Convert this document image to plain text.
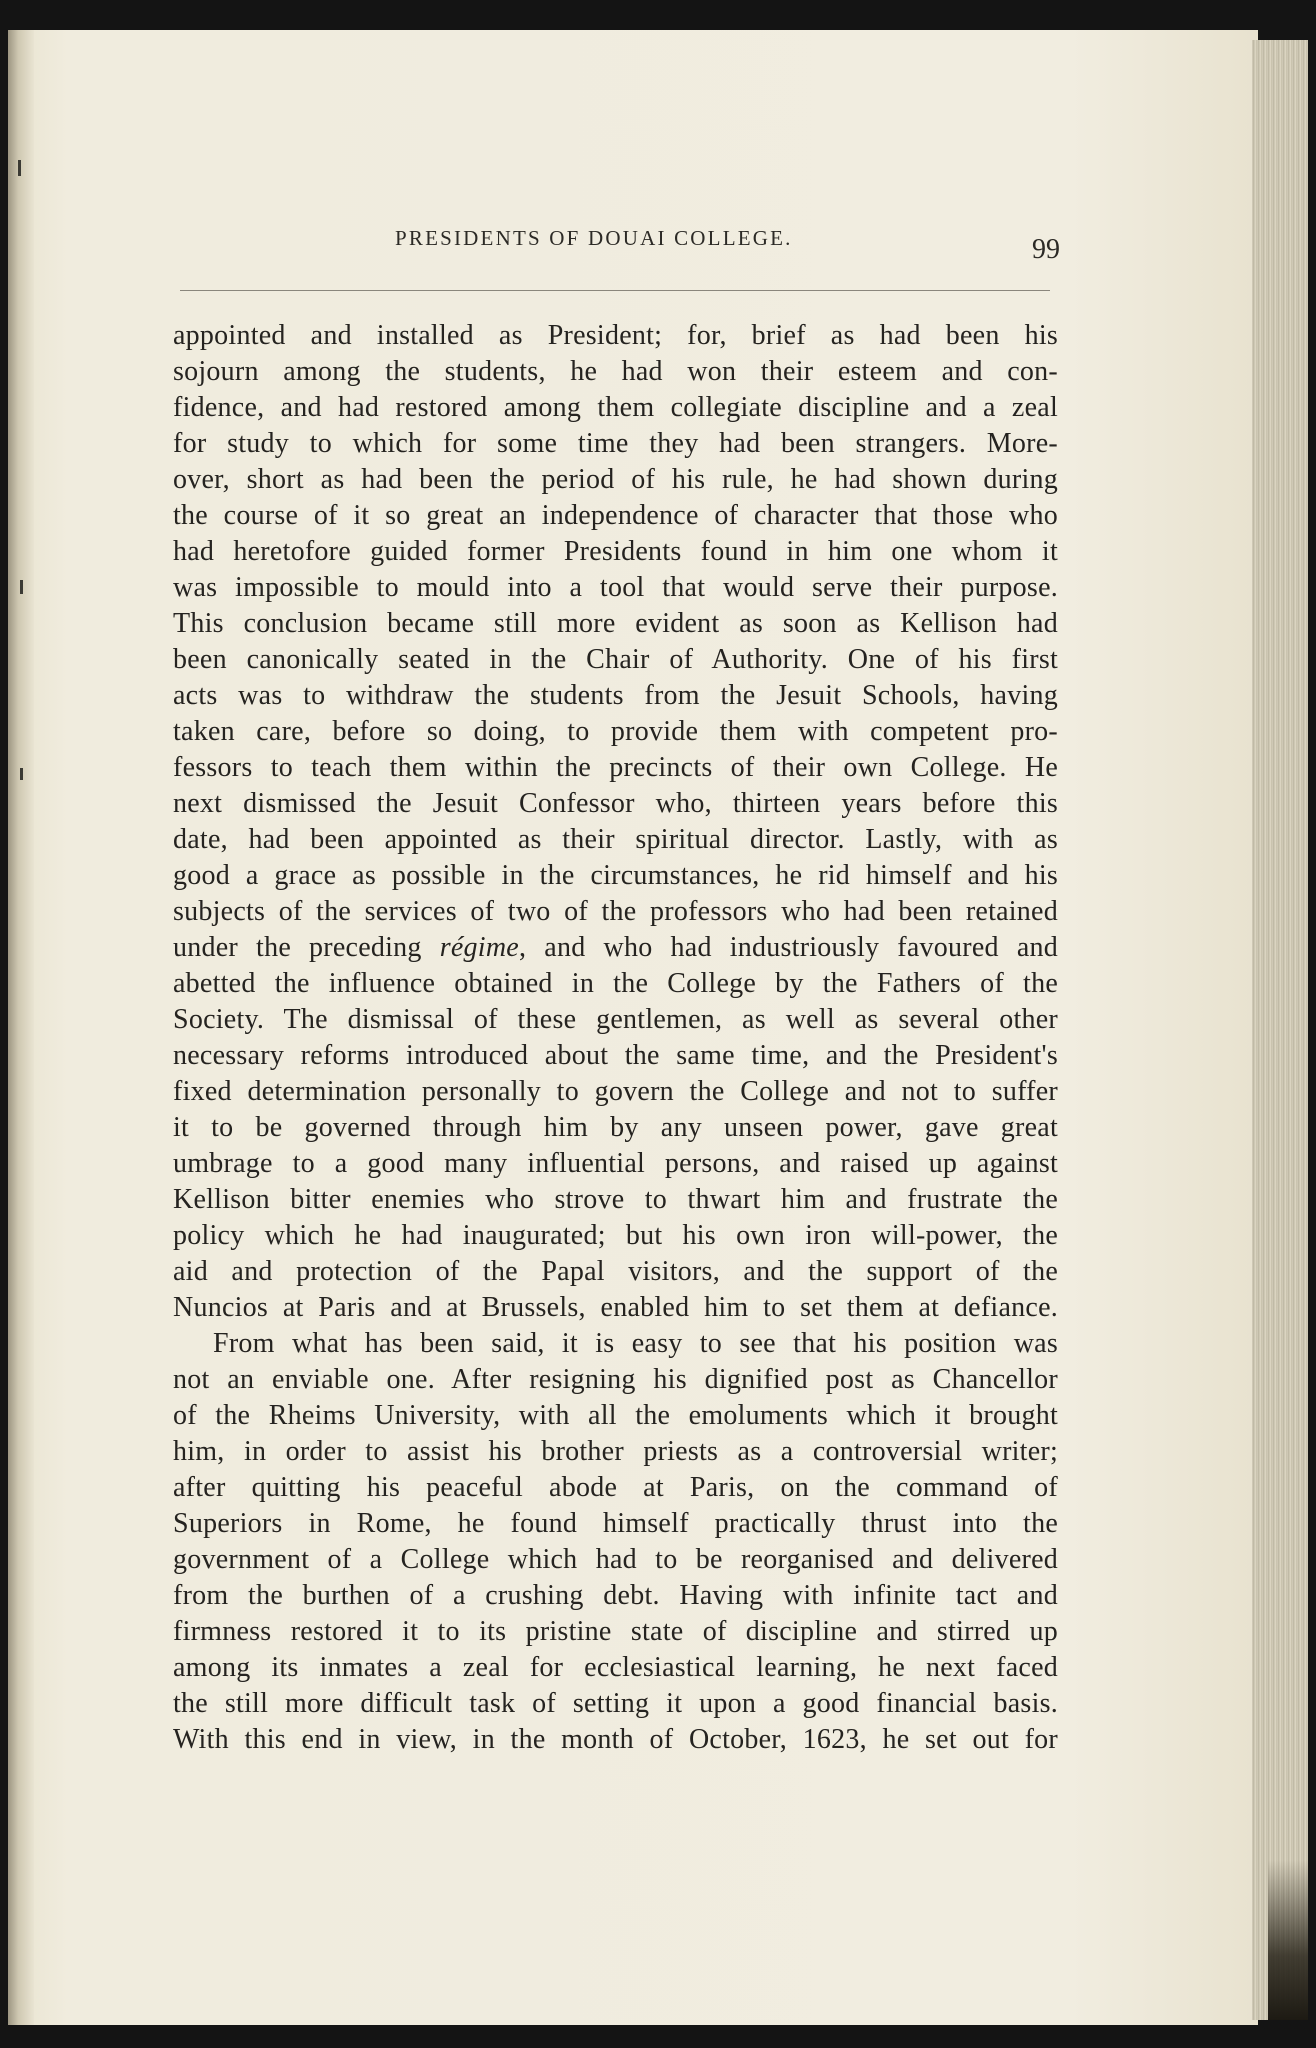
PRESIDENTS OF DOUAI COLLEGE.	99
appointed and installed as President; for, brief as had been his
sojourn among the students, he had won their esteem and con-
fidence, and had restored among them collegiate discipline and a zeal
for study to which for some time they had been strangers. More-
over, short as had been the period of his rule, he had shown during
the course of it so great an independence of character that those who
had heretofore guided former Presidents found in him one whom it
was impossible to mould into a tool that would serve their purpose.
This conclusion became still more evident as soon as Kellison had
been canonically seated in the Chair of Authority. One of his first
acts was to withdraw the students from the Jesuit Schools, having
taken care, before so doing, to provide them with competent pro-
fessors to teach them within the precincts of their own College. He
next dismissed the Jesuit Confessor who, thirteen years before this
date, had been appointed as their spiritual director. Lastly, with as
good a grace as possible in the circumstances, he rid himself and his
subjects of the services of two of the professors who had been retained
under the preceding régime, and who had industriously favoured and
abetted the influence obtained in the College by the Fathers of the
Society. The dismissal of these gentlemen, as well as several other
necessary reforms introduced about the same time, and the President's
fixed determination personally to govern the College and not to suffer
it to be governed through him by any unseen power, gave great
umbrage to a good many influential persons, and raised up against
Kellison bitter enemies who strove to thwart him and frustrate the
policy which he had inaugurated; but his own iron will-power, the
aid and protection of the Papal visitors, and the support of the
Nuncios at Paris and at Brussels, enabled him to set them at defiance.
From what has been said, it is easy to see that his position was
not an enviable one. After resigning his dignified post as Chancellor
of the Rheims University, with all the emoluments which it brought
him, in order to assist his brother priests as a controversial writer;
after quitting his peaceful abode at Paris, on the command of
Superiors in Rome, he found himself practically thrust into the
government of a College which had to be reorganised and delivered
from the burthen of a crushing debt. Having with infinite tact and
firmness restored it to its pristine state of discipline and stirred up
among its inmates a zeal for ecclesiastical learning, he next faced
the still more difficult task of setting it upon a good financial basis.
With this end in view, in the month of October, 1623, he set out for
